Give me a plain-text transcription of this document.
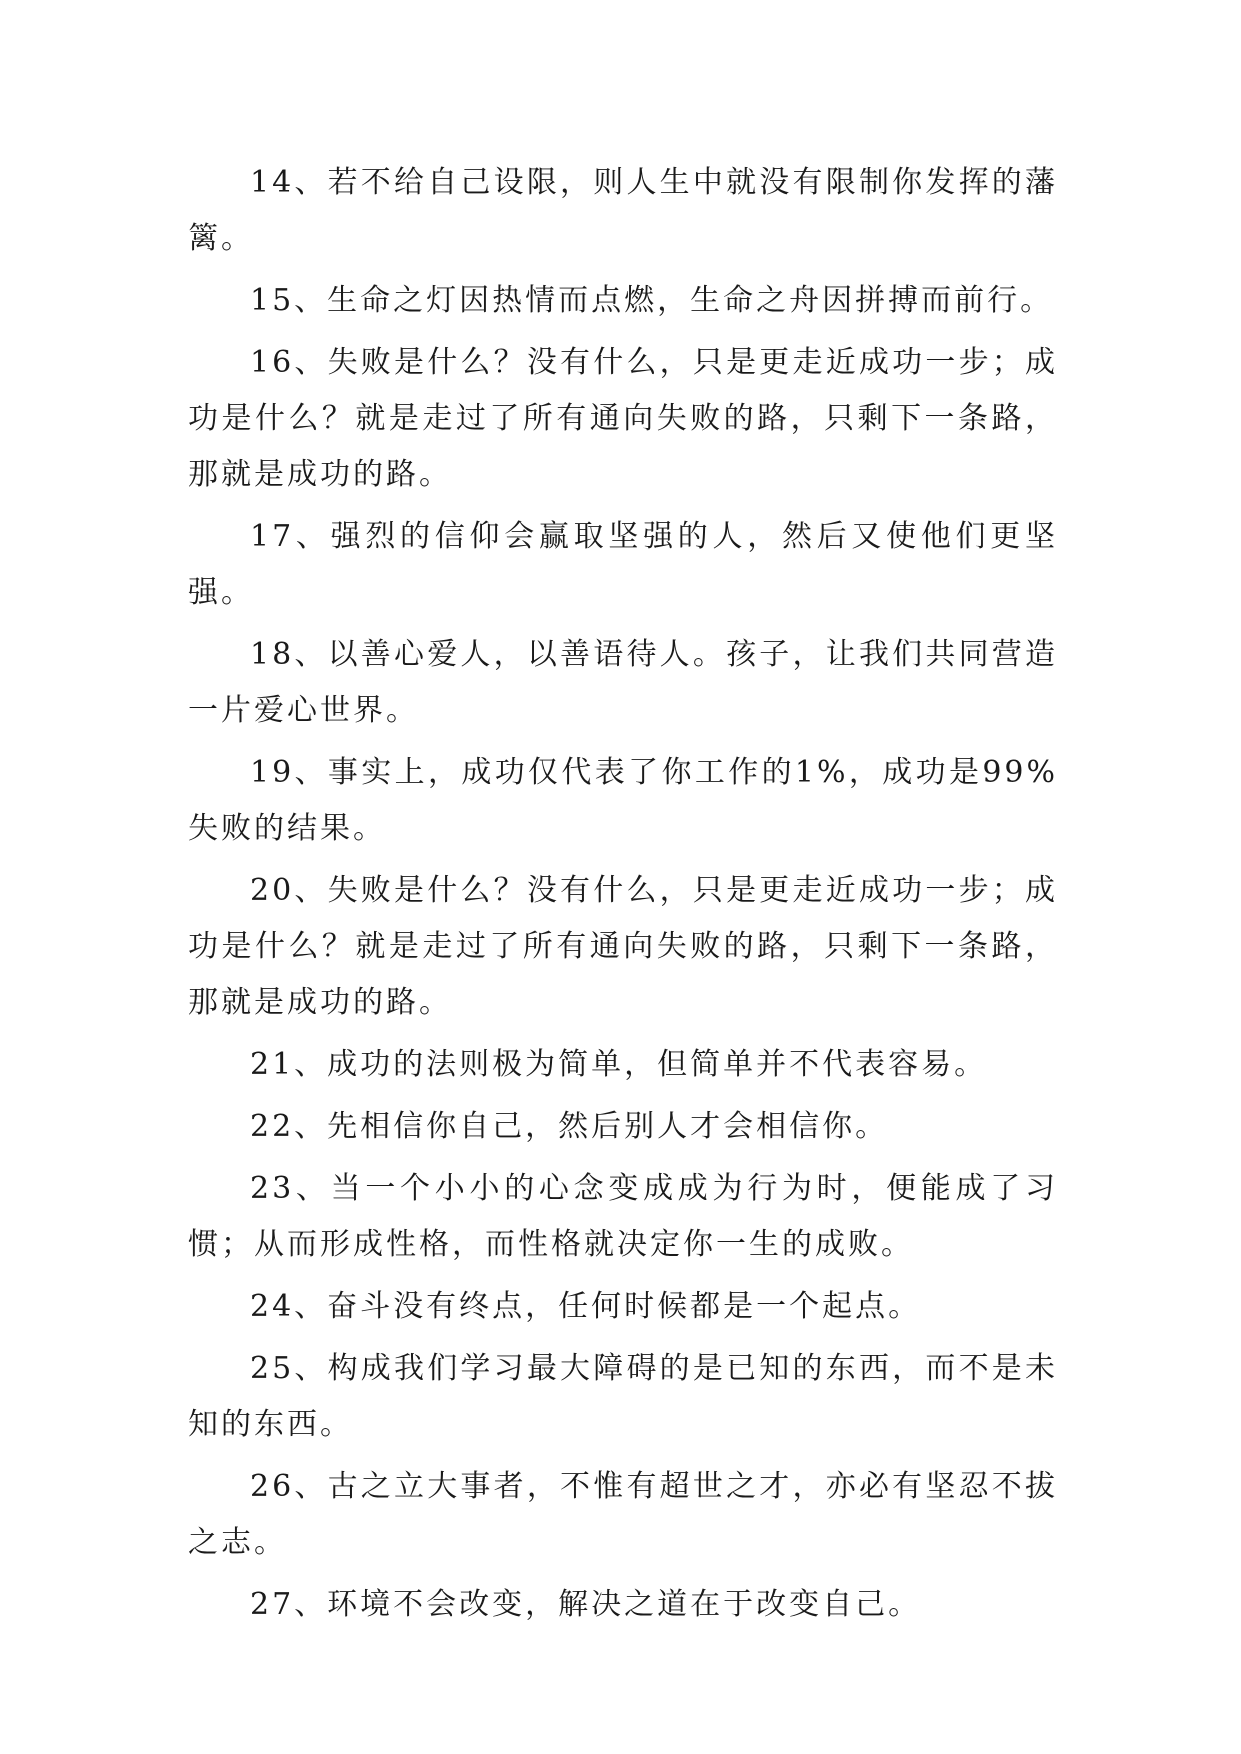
14、若不给自己设限，则人生中就没有限制你发挥的藩篱。

15、生命之灯因热情而点燃，生命之舟因拼搏而前行。

16、失败是什么？没有什么，只是更走近成功一步；成功是什么？就是走过了所有通向失败的路，只剩下一条路，那就是成功的路。

17、强烈的信仰会赢取坚强的人，然后又使他们更坚强。

18、以善心爱人，以善语待人。孩子，让我们共同营造一片爱心世界。

19、事实上，成功仅代表了你工作的1%，成功是99%失败的结果。

20、失败是什么？没有什么，只是更走近成功一步；成功是什么？就是走过了所有通向失败的路，只剩下一条路，那就是成功的路。

21、成功的法则极为简单，但简单并不代表容易。

22、先相信你自己，然后别人才会相信你。

23、当一个小小的心念变成成为行为时，便能成了习惯；从而形成性格，而性格就决定你一生的成败。

24、奋斗没有终点，任何时候都是一个起点。

25、构成我们学习最大障碍的是已知的东西，而不是未知的东西。

26、古之立大事者，不惟有超世之才，亦必有坚忍不拔之志。

27、环境不会改变，解决之道在于改变自己。
